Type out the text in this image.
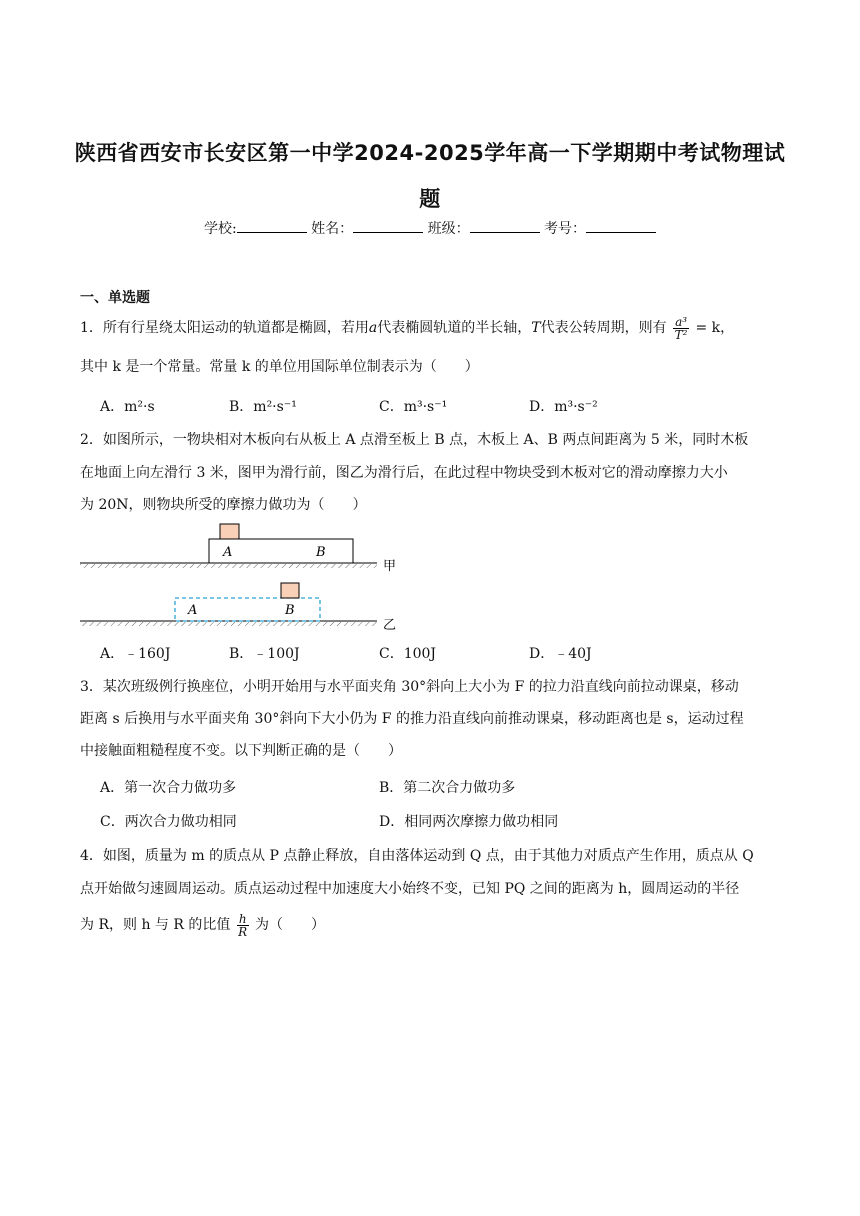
陕西省西安市长安区第一中学2024-2025学年高一下学期期中考试物理试
题
学校:	姓名：	班级：	考号：
一、单选题
1．所有行星绕太阳运动的轨道都是椭圆，若用a代表椭圆轨道的半长轴，T代表公转周期，则有 $\frac{\text{a³}}{\text{T²}} = k$，
其中 k 是一个常量。常量 k 的单位用国际单位制表示为（　　）
A．m²·s	B．m²·s⁻¹	C．m³·s⁻¹	D．m³·s⁻²
2．如图所示，一物块相对木板向右从板上 A 点滑至板上 B 点，木板上 A、B 两点间距离为 5 米，同时木板
在地面上向左滑行 3 米，图甲为滑行前，图乙为滑行后，在此过程中物块受到木板对它的滑动摩擦力大小
为 20N，则物块所受的摩擦力做功为（　　）
A	B
甲
A	B
乙
A．﹣160J	B．﹣100J	C．100J	D．﹣40J
3．某次班级例行换座位，小明开始用与水平面夹角 30°斜向上大小为 F 的拉力沿直线向前拉动课桌，移动
距离 s 后换用与水平面夹角 30°斜向下大小仍为 F 的推力沿直线向前推动课桌，移动距离也是 s，运动过程
中接触面粗糙程度不变。以下判断正确的是（　　）
A．第一次合力做功多	B．第二次合力做功多
C．两次合力做功相同	D．相同两次摩擦力做功相同
4．如图，质量为 m 的质点从 P 点静止释放，自由落体运动到 Q 点，由于其他力对质点产生作用，质点从 Q
点开始做匀速圆周运动。质点运动过程中加速度大小始终不变，已知 PQ 之间的距离为 h，圆周运动的半径
为 R，则 h 与 R 的比值 $\frac{h}{R}$ 为（　　）
